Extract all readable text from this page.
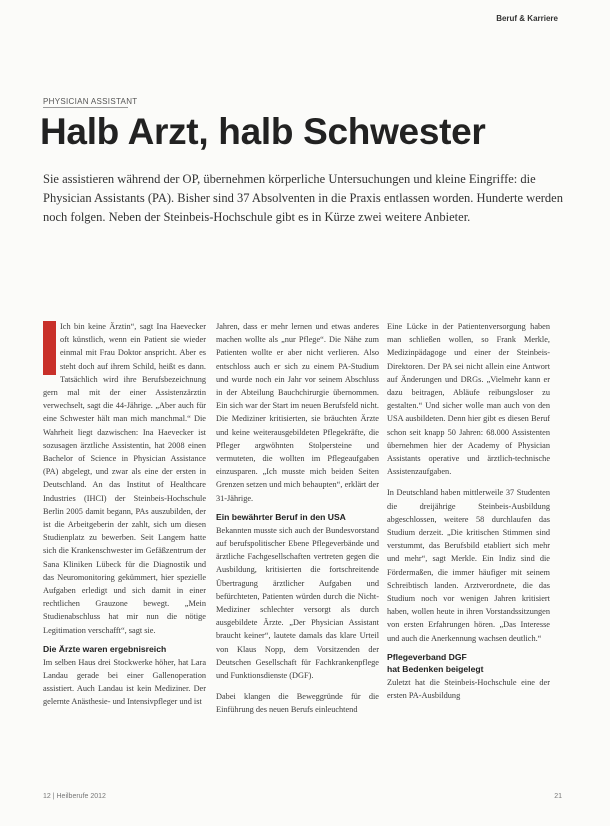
Beruf & Karriere
PHYSICIAN ASSISTANT
Halb Arzt, halb Schwester

Sie assistieren während der OP, übernehmen körperliche Untersuchungen und kleine Eingriffe: die Physician Assistants (PA). Bisher sind 37 Absolventen in die Praxis entlassen worden. Hunderte werden noch folgen. Neben der Steinbeis-Hochschule gibt es in Kürze zwei weitere Anbieter.

Ich bin keine Ärztin“, sagt Ina Haevecker oft künstlich, wenn ein Patient sie wieder einmal mit Frau Doktor anspricht. Aber es steht doch auf ihrem Schild, heißt es dann. Tatsächlich wird ihre Berufsbezeichnung gern mal mit der einer Assistenzärztin verwechselt, sagt die 44-Jährige. „Aber auch für eine Schwester hält man mich manchmal.“ Die Wahrheit liegt dazwischen: Ina Haevecker ist sozusagen ärztliche Assistentin, hat 2008 einen Bachelor of Science in Physician Assistance (PA) abgelegt, und zwar als eine der ersten in Deutschland. An das Institut of Healthcare Industries (IHCI) der Steinbeis-Hochschule Berlin 2005 damit begann, PAs auszubilden, der ist die Arbeitgeberin der zahlt, sich um diesen Studienplatz zu bewerben. Seit Langem hatte sich die Krankenschwester im Gefäßzentrum der Sana Kliniken Lübeck für die Diagnostik und das Neuromonitoring gekümmert, hier spezielle Aufgaben erledigt und sich damit in einer rechtlichen Grauzone bewegt. „Mein Studienabschluss hat mir nun die nötige Legitimation verschafft“, sagt sie.

Die Ärzte waren ergebnisreich

Im selben Haus drei Stockwerke höher, hat Lara Landau gerade bei einer Gallenoperation assistiert. Auch Landau ist kein Mediziner. Der gelernte Anästhesie- und Intensivpfleger und ist

Jahren, dass er mehr lernen und etwas anderes machen wollte als „nur Pflege“. Die Nähe zum Patienten wollte er aber nicht verlieren. Also entschloss auch er sich zu einem PA-Studium und wurde noch ein Jahr vor seinem Abschluss in der Abteilung Bauchchirurgie übernommen. Ein sich war der Start im neuen Berufsfeld nicht. Die Mediziner kritisierten, sie bräuchten Ärzte und keine weiterausgebildeten Pflegekräfte, die Pfleger argwöhnten Stolpersteine und vermuteten, die wollten im Pflegeaufgaben einzusparen. „Ich musste mich beiden Seiten Grenzen setzen und mich behaupten“, erklärt der 31-Jährige.

Ein bewährter Beruf in den USA

Bekannten musste sich auch der Bundesvorstand auf berufspolitischer Ebene Pflegeverbände und ärztliche Fachgesellschaften vertreten gegen die Ausbildung, kritisierten die fortschreitende Übertragung ärztlicher Aufgaben und befürchteten, Patienten würden durch die Nicht-Mediziner schlechter versorgt als durch ausgebildete Ärzte. „Der Physician Assistant braucht keiner“, lautete damals das klare Urteil von Klaus Nopp, dem Vorsitzenden der Deutschen Gesellschaft für Fachkrankenpflege und Funktionsdienste (DGF).

Dabei klangen die Beweggründe für die Einführung des neuen Berufs einleuchtend

Eine Lücke in der Patientenversorgung haben man schließen wollen, so Frank Merkle, Medizinpädagoge und einer der Steinbeis-Direktoren. Der PA sei nicht allein eine Antwort auf Änderungen und DRGs. „Vielmehr kann er dazu beitragen, Abläufe reibungsloser zu gestalten.“ Und sicher wolle man auch von den USA ausbildeten. Denn hier gibt es diesen Beruf schon seit knapp 50 Jahren: 68.000 Assistenten übernehmen hier der Academy of Physician Assistants operative und ärztlich-technische Assistenzaufgaben.

In Deutschland haben mittlerweile 37 Studenten die dreijährige Steinbeis-Ausbildung abgeschlossen, weitere 58 durchlaufen das Studium derzeit. „Die kritischen Stimmen sind verstummt, das Berufsbild etabliert sich mehr und mehr“, sagt Merkle. Ein Indiz sind die Fördermaßen, die immer häufiger mit seinem Schreibtisch landen. Arztverordnete, die das Studium noch vor wenigen Jahren kritisiert haben, wollen heute in ihren Vorstandssitzungen von ersten Erfahrungen hören. „Das Interesse und auch die Anerkennung wachsen deutlich.“

Pflegeverband DGF
hat Bedenken beigelegt

Zuletzt hat die Steinbeis-Hochschule eine der ersten PA-Ausbildung

12 | Heilberufe 2012	21
